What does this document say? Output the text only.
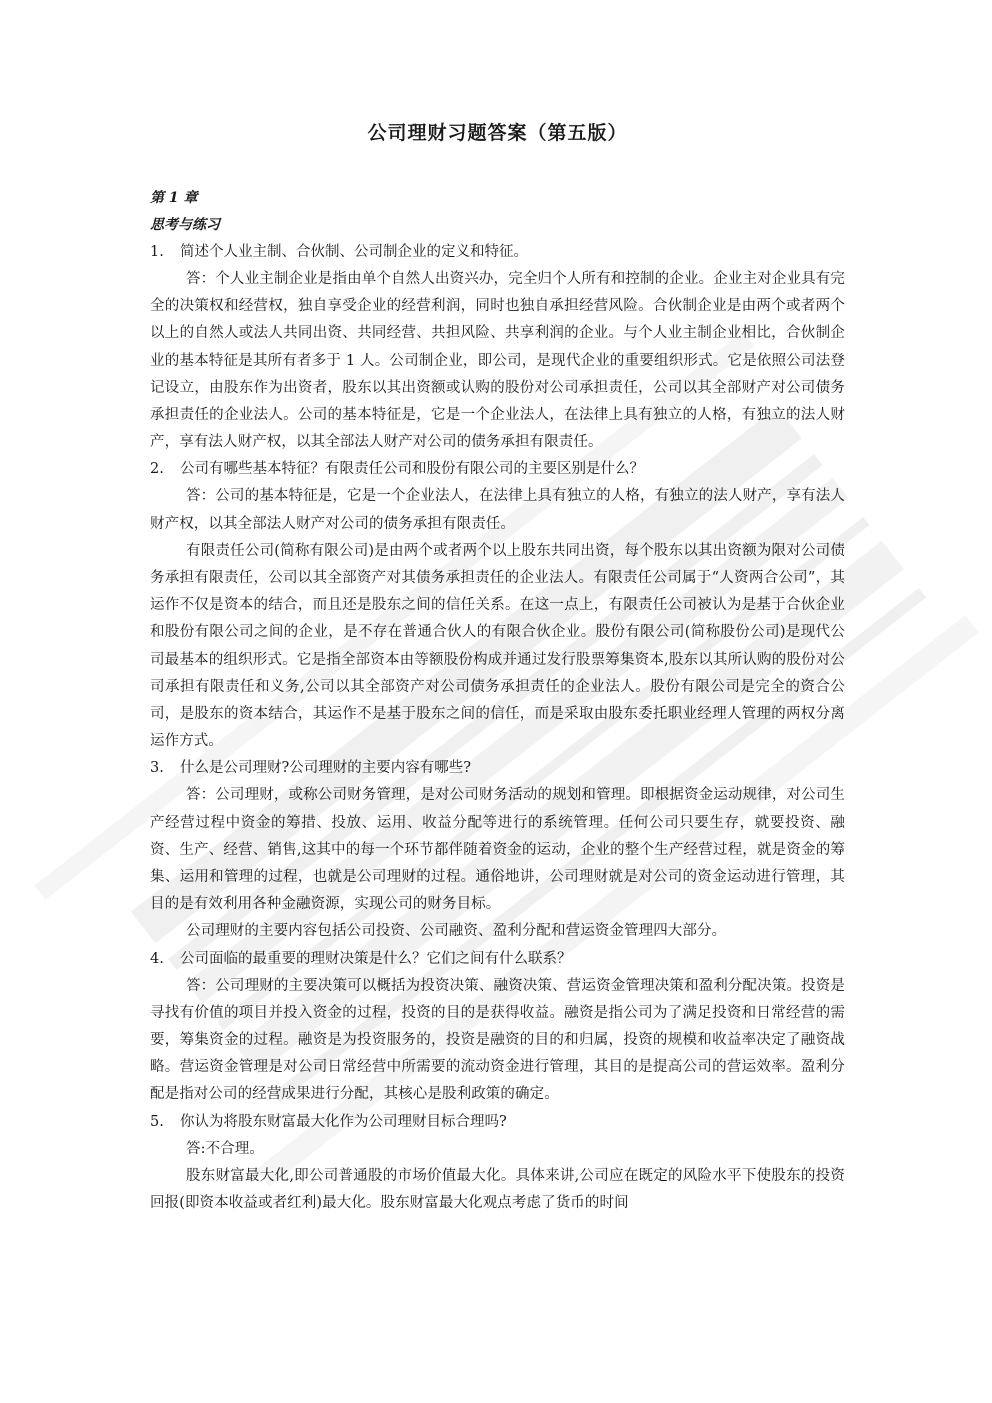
公司理财习题答案（第五版）

第 1 章

思考与练习

1. 简述个人业主制、合伙制、公司制企业的定义和特征。

答：个人业主制企业是指由单个自然人出资兴办，完全归个人所有和控制的企业。企业主对企业具有完全的决策权和经营权，独自享受企业的经营利润，同时也独自承担经营风险。合伙制企业是由两个或者两个以上的自然人或法人共同出资、共同经营、共担风险、共享利润的企业。与个人业主制企业相比，合伙制企业的基本特征是其所有者多于 1 人。公司制企业，即公司，是现代企业的重要组织形式。它是依照公司法登记设立，由股东作为出资者，股东以其出资额或认购的股份对公司承担责任，公司以其全部财产对公司债务承担责任的企业法人。公司的基本特征是，它是一个企业法人，在法律上具有独立的人格，有独立的法人财产，享有法人财产权，以其全部法人财产对公司的债务承担有限责任。

2. 公司有哪些基本特征？有限责任公司和股份有限公司的主要区别是什么？

答：公司的基本特征是，它是一个企业法人，在法律上具有独立的人格，有独立的法人财产，享有法人财产权，以其全部法人财产对公司的债务承担有限责任。

有限责任公司(简称有限公司)是由两个或者两个以上股东共同出资，每个股东以其出资额为限对公司债务承担有限责任，公司以其全部资产对其债务承担责任的企业法人。有限责任公司属于“人资两合公司”，其运作不仅是资本的结合，而且还是股东之间的信任关系。在这一点上，有限责任公司被认为是基于合伙企业和股份有限公司之间的企业，是不存在普通合伙人的有限合伙企业。股份有限公司(简称股份公司)是现代公司最基本的组织形式。它是指全部资本由等额股份构成并通过发行股票筹集资本,股东以其所认购的股份对公司承担有限责任和义务,公司以其全部资产对公司债务承担责任的企业法人。股份有限公司是完全的资合公司，是股东的资本结合，其运作不是基于股东之间的信任，而是采取由股东委托职业经理人管理的两权分离运作方式。

3. 什么是公司理财?公司理财的主要内容有哪些?

答：公司理财，或称公司财务管理，是对公司财务活动的规划和管理。即根据资金运动规律，对公司生产经营过程中资金的筹措、投放、运用、收益分配等进行的系统管理。任何公司只要生存，就要投资、融资、生产、经营、销售,这其中的每一个环节都伴随着资金的运动，企业的整个生产经营过程，就是资金的筹集、运用和管理的过程，也就是公司理财的过程。通俗地讲，公司理财就是对公司的资金运动进行管理，其目的是有效利用各种金融资源，实现公司的财务目标。

公司理财的主要内容包括公司投资、公司融资、盈利分配和营运资金管理四大部分。

4. 公司面临的最重要的理财决策是什么？它们之间有什么联系？

答：公司理财的主要决策可以概括为投资决策、融资决策、营运资金管理决策和盈利分配决策。投资是寻找有价值的项目并投入资金的过程，投资的目的是获得收益。融资是指公司为了满足投资和日常经营的需要，筹集资金的过程。融资是为投资服务的，投资是融资的目的和归属，投资的规模和收益率决定了融资战略。营运资金管理是对公司日常经营中所需要的流动资金进行管理，其目的是提高公司的营运效率。盈利分配是指对公司的经营成果进行分配，其核心是股利政策的确定。

5. 你认为将股东财富最大化作为公司理财目标合理吗?

答:不合理。

股东财富最大化,即公司普通股的市场价值最大化。具体来讲,公司应在既定的风险水平下使股东的投资回报(即资本收益或者红利)最大化。股东财富最大化观点考虑了货币的时间
